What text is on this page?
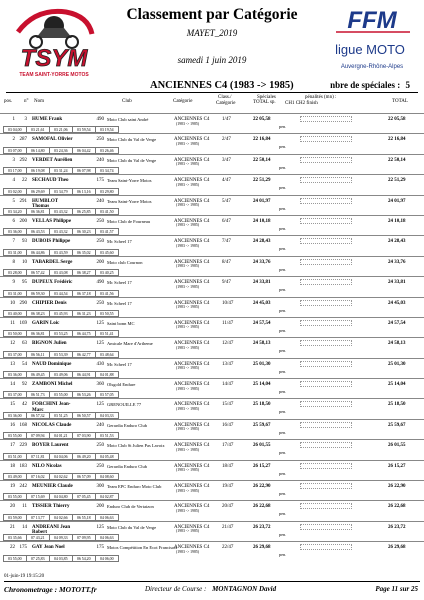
TSYM
TEAM SAINT-YORRE MOTOS
FFM
ligue MOTO
Auvergne-Rhône-Alpes
Classement par Catégorie
MAYET_2019
samedi 1 juin 2019
ANCIENNES C4 (1983 -> 1985)	nbre de spéciales : 5
pos. n° Nom	Club	Catégorie
Class./
Catégorie
Spéciales
TOTAL sp.
pénalités (mn) :
CH1 CH2 finish	TOTAL
1	3 HUME Frank	490 Moto Club saint André	ANCIENNES C4
(1983 -> 1985)
1/47	22 05,58	22 05,58
pen.
03 04,00	03 21,61	03 21,06	03 59,54	03 19,54
2 287 SAMOFAL Olivier	250 Moto Club du Val de Verge	ANCIENNES C4
(1983 -> 1985)
2/47	22 16,84	22 16,84
pen.
03 07,00	06 14,80	03 24,36	06 04,42	03 26,46
3 292 VERDET Aurélien	240 Moto Club du Val de Verge	ANCIENNES C4
(1983 -> 1985)
3/47	22 50,14	22 50,14
pen.
03 17,00	06 19,08	03 31,24	06 07,98	03 34,74
4	22 SECHAUD Theo	175 Team Saint-Yorre Motos	ANCIENNES C4
(1983 -> 1985)
4/47	22 51,29	22 51,29
pen.
03 02,00	06 29,69	03 34,79	06 13,16	03 29,80
5 291 HUMBLOT
Thomas
240 Team Saint-Yorre Motos	ANCIENNES C4
(1983 -> 1985)
5/47	24 01,97	24 01,97
pen.
03 34,20	06 36,81	03 43,32	06 25,85	03 41,50
6 200 VELLAS Philippe	250 Moto Club de Fourneau	ANCIENNES C4
(1983 -> 1985)
6/47	24 10,18	24 10,18
pen.
03 36,00	06 43,53	03 43,32	06 30,23	03 41,57
7	93 DUBOIS Philippe	250 Mc Scheel 17	ANCIENNES C4
(1983 -> 1985)
7/47	24 28,43	24 28,43
pen.
03 31,00	06 44,86	03 43,59	06 35,02	03 45,60
8	10 TABARDEL Serge	200 Moto club Cournon	ANCIENNES C4
(1983 -> 1985)
8/47	24 33,76	24 33,76
pen.
03 28,00	06 57,42	03 43,08	06 38,27	03 40,25
9	95 DUPEUX Frédéric	490 Mc Scheel 17	ANCIENNES C4
(1983 -> 1985)
9/47	24 33,81	24 33,81
pen.
03 31,00	06 59,30	03 44,54	06 37,18	03 41,56
10 290 CHIPIER Denis	250 Mc Scheel 17	ANCIENNES C4
(1983 -> 1985)
10/47	24 45,03	24 45,03
pen.
03 40,00	06 38,23	03 45,93	06 31,23	03 50,55
11 169 GARIN Loic	125 Saint bonn MC	ANCIENNES C4
(1983 -> 1985)
11/47	24 57,54	24 57,54
pen.
03 50,00	06 36,81	03 53,25	06 44,75	03 51,41
12	63 BIGNON Julien	125 Amicale Mare d'Artheme	ANCIENNES C4
(1983 -> 1985)
12/47	24 58,13	24 58,13
pen.
03 37,00	06 56,11	03 53,39	06 42,77	03 48,64
13	54 NAUD Dominique	430 Mc Scheel 17	ANCIENNES C4
(1983 -> 1985)
13/47	25 01,30	25 01,30
pen.
03 36,00	06 49,45	03 49,06	06 44,91	04 01,88
14	92 ZAMBONI Michel	360 Olsgold Endure	ANCIENNES C4
(1983 -> 1985)
14/47	25 14,04	25 14,04
pen.
03 37,00	06 51,73	03 55,00	06 53,26	03 57,05
15	42 FORCHINI Jean-
Marc
125 GRENOUILLE 77	ANCIENNES C4
(1983 -> 1985)
15/47	25 18,50	25 18,50
pen.
03 36,00	06 57,32	03 51,25	06 50,57	04 03,33
16 168 NICOLAS Claude	240 Gerardia Enduro Club	ANCIENNES C4
(1983 -> 1985)
16/47	25 59,67	25 59,67
pen.
03 55,00	07 09,94	04 01,21	07 03,90	03 51,53
17 229 BOYER Laurent	250 Moto Club St Julien Pas Lavoix ANCIENNES C4
(1983 -> 1985)
17/47	26 01,55	26 01,55
pen.
03 51,00	07 11,81	04 04,06	06 49,20	04 05,48
18 183 NILO Nicolas	250 Gerardia Enduro Club	ANCIENNES C4
(1983 -> 1985)
18/47	26 15,27	26 15,27
pen.
03 49,00	07 16,02	04 02,62	06 57,09	04 08,60
19 242 MEUNIER Claude	300 Team EPC Enduro Moto Club	ANCIENNES C4
(1983 -> 1985)
19/47	26 22,90	26 22,90
pen.
03 55,00	07 15,69	04 04,80	07 05,45	04 02,87
20	11 TISSIER Thierry	200 Enduro Club de Vertaizon	ANCIENNES C4
(1983 -> 1985)
20/47	26 22,68	26 22,68
pen.
03 59,00	07 13,77	04 02,66	06 55,18	04 06,63
21	14 ANDREANI Jean
Robert
125 Moto Club du Val de Verge	ANCIENNES C4
(1983 -> 1985)
21/47	26 23,72	26 23,72
pen.
03 35,66	07 43,21	04 09,33	07 09,95	04 06,63
22 175 GAY Jean Noel	175 Motos Compétition En Ecot Francisois
ANCIENNES C4
(1983 -> 1985)
22/47	26 29,68	26 29,68
pen.
03 55,00	07 25,83	04 03,85	06 54,20	04 06,00
01-juin-19 19:15:20
Chronometrage : MOTOTT.fr	Directeur de Course : MONTAGNON David	Page 11 sur 25
